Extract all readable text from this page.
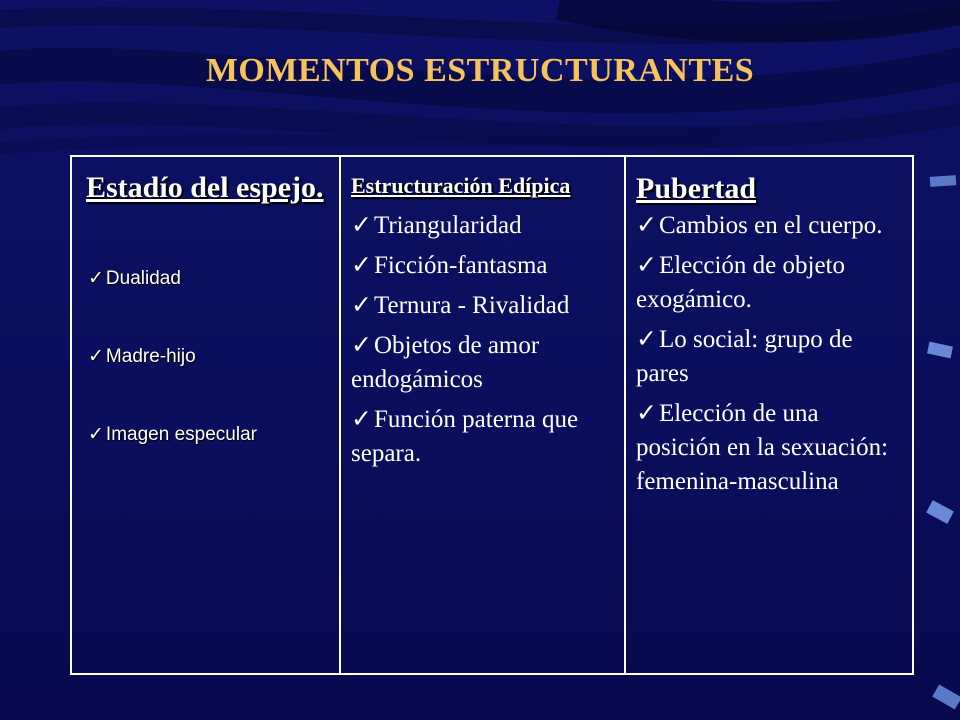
MOMENTOS ESTRUCTURANTES
Estadío del espejo.
✓ Dualidad
✓ Madre-hijo
✓ Imagen especular
Estructuración Edípica
✓Triangularidad
✓Ficción-fantasma
✓Ternura - Rivalidad
✓Objetos de amor endogámicos
✓Función paterna que separa.
Pubertad
✓Cambios en el cuerpo.
✓Elección de objeto exogámico.
✓Lo social: grupo de pares
✓Elección de una posición en la sexuación: femenina-masculina
